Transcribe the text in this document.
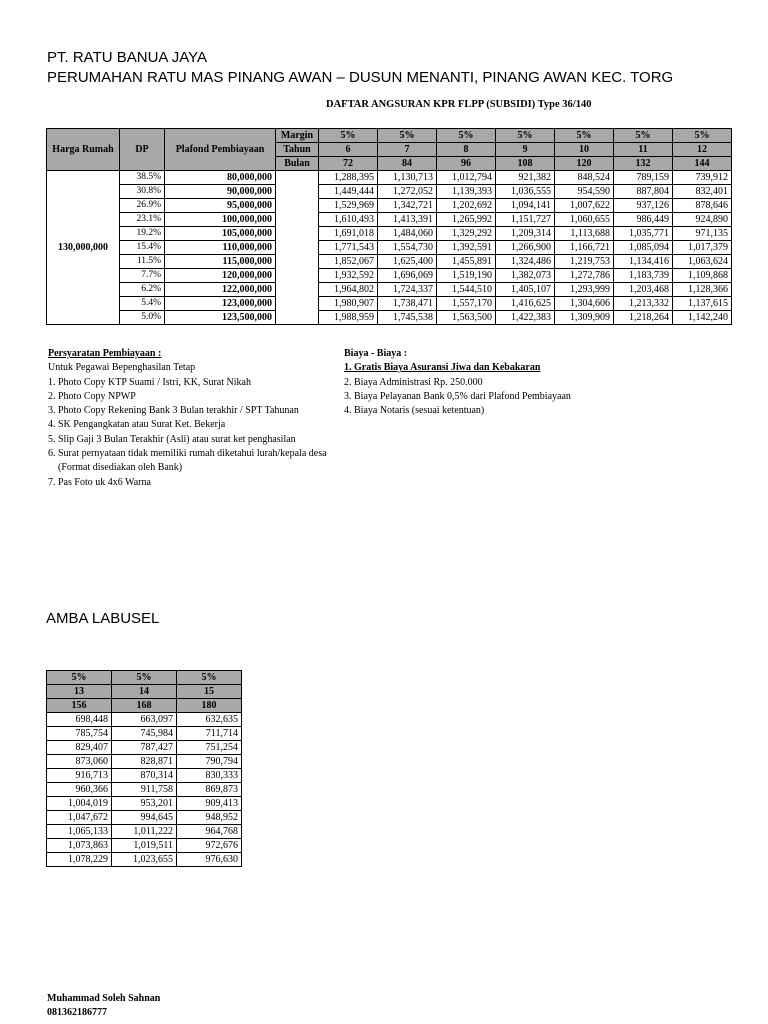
PT. RATU BANUA JAYA
PERUMAHAN RATU MAS PINANG AWAN – DUSUN MENANTI, PINANG AWAN KEC. TORG
DAFTAR ANGSURAN KPR FLPP (SUBSIDI) Type 36/140
Harga Rumah	DP	Plafond Pembiayaan	Margin	5%	5%	5%	5%	5%	5%	5%
			Tahun	6	7	8	9	10	11	12
			Bulan	72	84	96	108	120	132	144
130,000,000	38.5%	80,000,000		1,288,395	1,130,713	1,012,794	921,382	848,524	789,159	739,912
	30.8%	90,000,000		1,449,444	1,272,052	1,139,393	1,036,555	954,590	887,804	832,401
	26.9%	95,000,000		1,529,969	1,342,721	1,202,692	1,094,141	1,007,622	937,126	878,646
	23.1%	100,000,000		1,610,493	1,413,391	1,265,992	1,151,727	1,060,655	986,449	924,890
	19.2%	105,000,000		1,691,018	1,484,060	1,329,292	1,209,314	1,113,688	1,035,771	971,135
	15.4%	110,000,000		1,771,543	1,554,730	1,392,591	1,266,900	1,166,721	1,085,094	1,017,379
	11.5%	115,000,000		1,852,067	1,625,400	1,455,891	1,324,486	1,219,753	1,134,416	1,063,624
	7.7%	120,000,000		1,932,592	1,696,069	1,519,190	1,382,073	1,272,786	1,183,739	1,109,868
	6.2%	122,000,000		1,964,802	1,724,337	1,544,510	1,405,107	1,293,999	1,203,468	1,128,366
	5.4%	123,000,000		1,980,907	1,738,471	1,557,170	1,416,625	1,304,606	1,213,332	1,137,615
	5.0%	123,500,000		1,988,959	1,745,538	1,563,500	1,422,383	1,309,909	1,218,264	1,142,240
Persyaratan Pembiayaan :
Untuk Pegawai Bepenghasilan Tetap
1. Photo Copy KTP Suami / Istri, KK, Surat Nikah
2. Photo Copy NPWP
3. Photo Copy Rekening Bank 3 Bulan terakhir / SPT Tahunan
4. SK Pengangkatan atau Surat Ket. Bekerja
5. Slip Gaji 3 Bulan Terakhir (Asli) atau surat ket penghasilan
6. Surat pernyataan tidak memiliki rumah diketahui lurah/kepala desa
(Format disediakan oleh Bank)
7. Pas Foto uk 4x6 Warna
Biaya - Biaya :
1. Gratis Biaya Asuransi Jiwa dan Kebakaran
2. Biaya Administrasi Rp. 250.000
3. Biaya Pelayanan Bank 0,5% dari Plafond Pembiayaan
4. Biaya Notaris (sesuai ketentuan)
AMBA LABUSEL
5%	5%	5%
13	14	15
156	168	180
698,448	663,097	632,635
785,754	745,984	711,714
829,407	787,427	751,254
873,060	828,871	790,794
916,713	870,314	830,333
960,366	911,758	869,873
1,004,019	953,201	909,413
1,047,672	994,645	948,952
1,065,133	1,011,222	964,768
1,073,863	1,019,511	972,676
1,078,229	1,023,655	976,630
Muhammad Soleh Sahnan
081362186777
